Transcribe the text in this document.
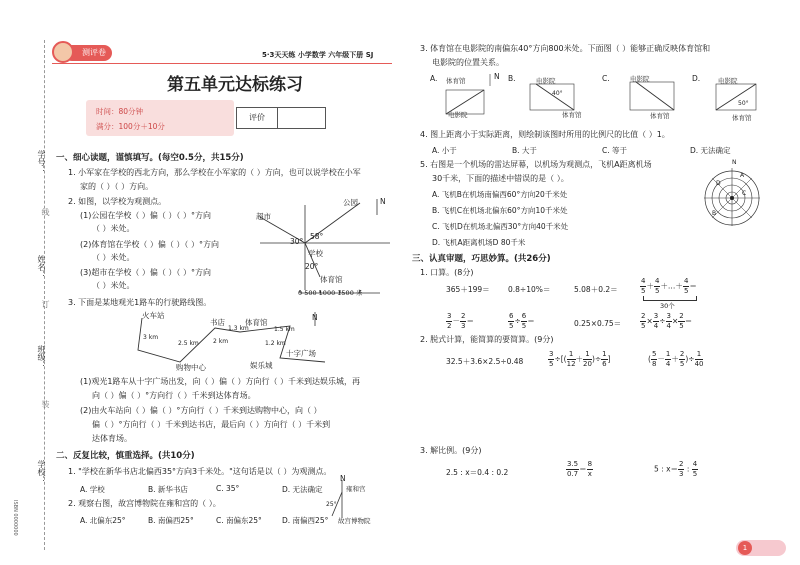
学号：
姓名：
班级：
学校：
线
订
装
ISBN 0000000
测评卷	5·3天天练 小学数学 六年级下册 SJ
第五单元达标练习
时间：80分钟
满分：100分＋10分
评价
一、细心读题，谨慎填写。(每空0.5分，共15分)
1. 小军家在学校的西北方向，那么学校在小军家的（ ）方向，也可以说学校在小军
家的（ ）（ ）方向。
2. 如图，以学校为观测点。
(1)公园在学校（ ）偏（ ）（ ）°方向
（ ）米处。
(2)体育馆在学校（ ）偏（ ）（ ）°方向
（ ）米处。
(3)超市在学校（ ）偏（ ）（ ）°方向
（ ）米处。
公园
超市
学校
体育馆
58°
30°
20°
0 500 1000 1500 米
N
3. 下面是某地观光1路车的行驶路线图。
火车站
书店	体育馆
十字广场
购物中心	娱乐城
3 km
2.5 km 2 km
1.3 km
1.2 km
1.5 km
N
(1)观光1路车从十字广场出发，向（ ）偏（ ）方向行（ ）千米到达娱乐城，再
向（ ）偏（ ）°方向行（ ）千米到达体育场。
(2)由火车站向（ ）偏（ ）°方向行（ ）千米到达购物中心，向（ ）
偏（ ）°方向行（ ）千米到达书店，最后向（ ）方向行（ ）千米到
达体育场。
二、反复比较，慎重选择。(共10分)
1. "学校在新华书店北偏西35°方向3千米处。"这句话是以（ ）为观测点。
A. 学校	B. 新华书店	C. 35°	D. 无法确定
2. 观察右图，故宫博物院在雍和宫的（ ）。
A. 北偏东25°	B. 南偏西25°	C. 南偏东25°	D. 南偏西25°
雍和宫
故宫博物院
25°
N
3. 体育馆在电影院的南偏东40°方向800米处。下面图（ ）能够正确反映体育馆和
电影院的位置关系。
A.	B.	C.	D.
体育馆
电影院
电影院
体育馆
电影院
体育馆
电影院
体育馆
40°
50°
N
4. 图上距离小于实际距离，则绘制该图时所用的比例尺的比值（ ）1。
A. 小于	B. 大于	C. 等于	D. 无法确定
5. 右图是一个机场的雷达屏幕，以机场为观测点，飞机A距离机场
30千米，下面的描述中错误的是（ ）。
A. 飞机B在机场南偏西60°方向20千米处
B. 飞机C在机场北偏东60°方向10千米处
C. 飞机D在机场北偏西30°方向40千米处
D. 飞机A距离机场D 80千米
N
A
B
C
D
三、认真审题，巧思妙算。(共26分)
1. 口算。(8分)
365＋199＝ 0.8÷10%＝	5.08＋0.2＝	$\frac{4}{5} + \frac{4}{5}$ ＋…＋ $\frac{4}{5}$ ＝
30个
$\frac{3}{2} - \frac{2}{3}$ ＝	$\frac{6}{5} \div \frac{6}{5}$ ＝	0.25×0.75＝	$\frac{2}{5} \times \frac{3}{4} \div \frac{3}{4} \times \frac{2}{5}$ ＝
2. 脱式计算，能简算的要简算。(9分)
32.5＋3.6×2.5÷0.48	$\frac{3}{5}$ ÷[( $\frac{1}{12} + \frac{1}{20}$ )÷ $\frac{1}{6}$ ]	( $\frac{5}{8} - \frac{1}{4} + \frac{2}{5}$ )÷ $\frac{1}{40}$
3. 解比例。(9分)
2.5 : x＝0.4 : 0.2	$\frac{3.5}{0.7} = \frac{8}{x}$	5 : $x= \frac{2}{3}$ : $\frac{4}{5}$
1
